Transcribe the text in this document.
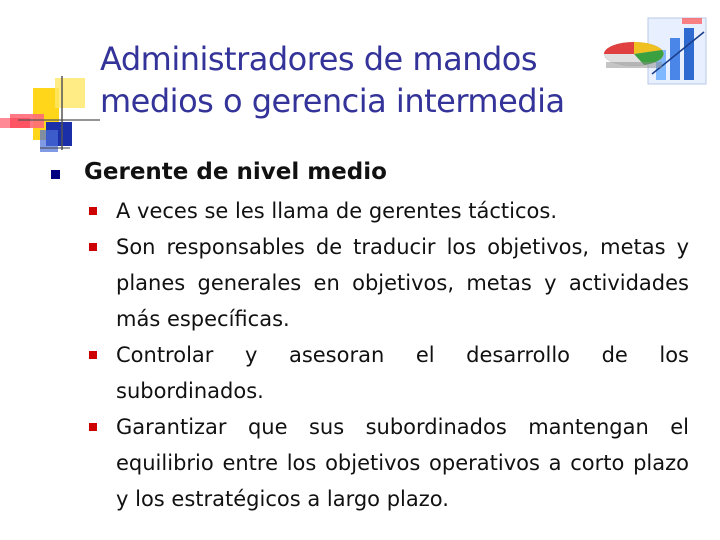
Administradores de mandos
medios o gerencia intermedia
Gerente de nivel medio
A veces se les llama de gerentes tácticos.
Son responsables de traducir los objetivos, metas y planes generales en objetivos, metas y actividades más específicas.
Controlar y asesoran el desarrollo de los subordinados.
Garantizar que sus subordinados mantengan el equilibrio entre los objetivos operativos a corto plazo y los estratégicos a largo plazo.
